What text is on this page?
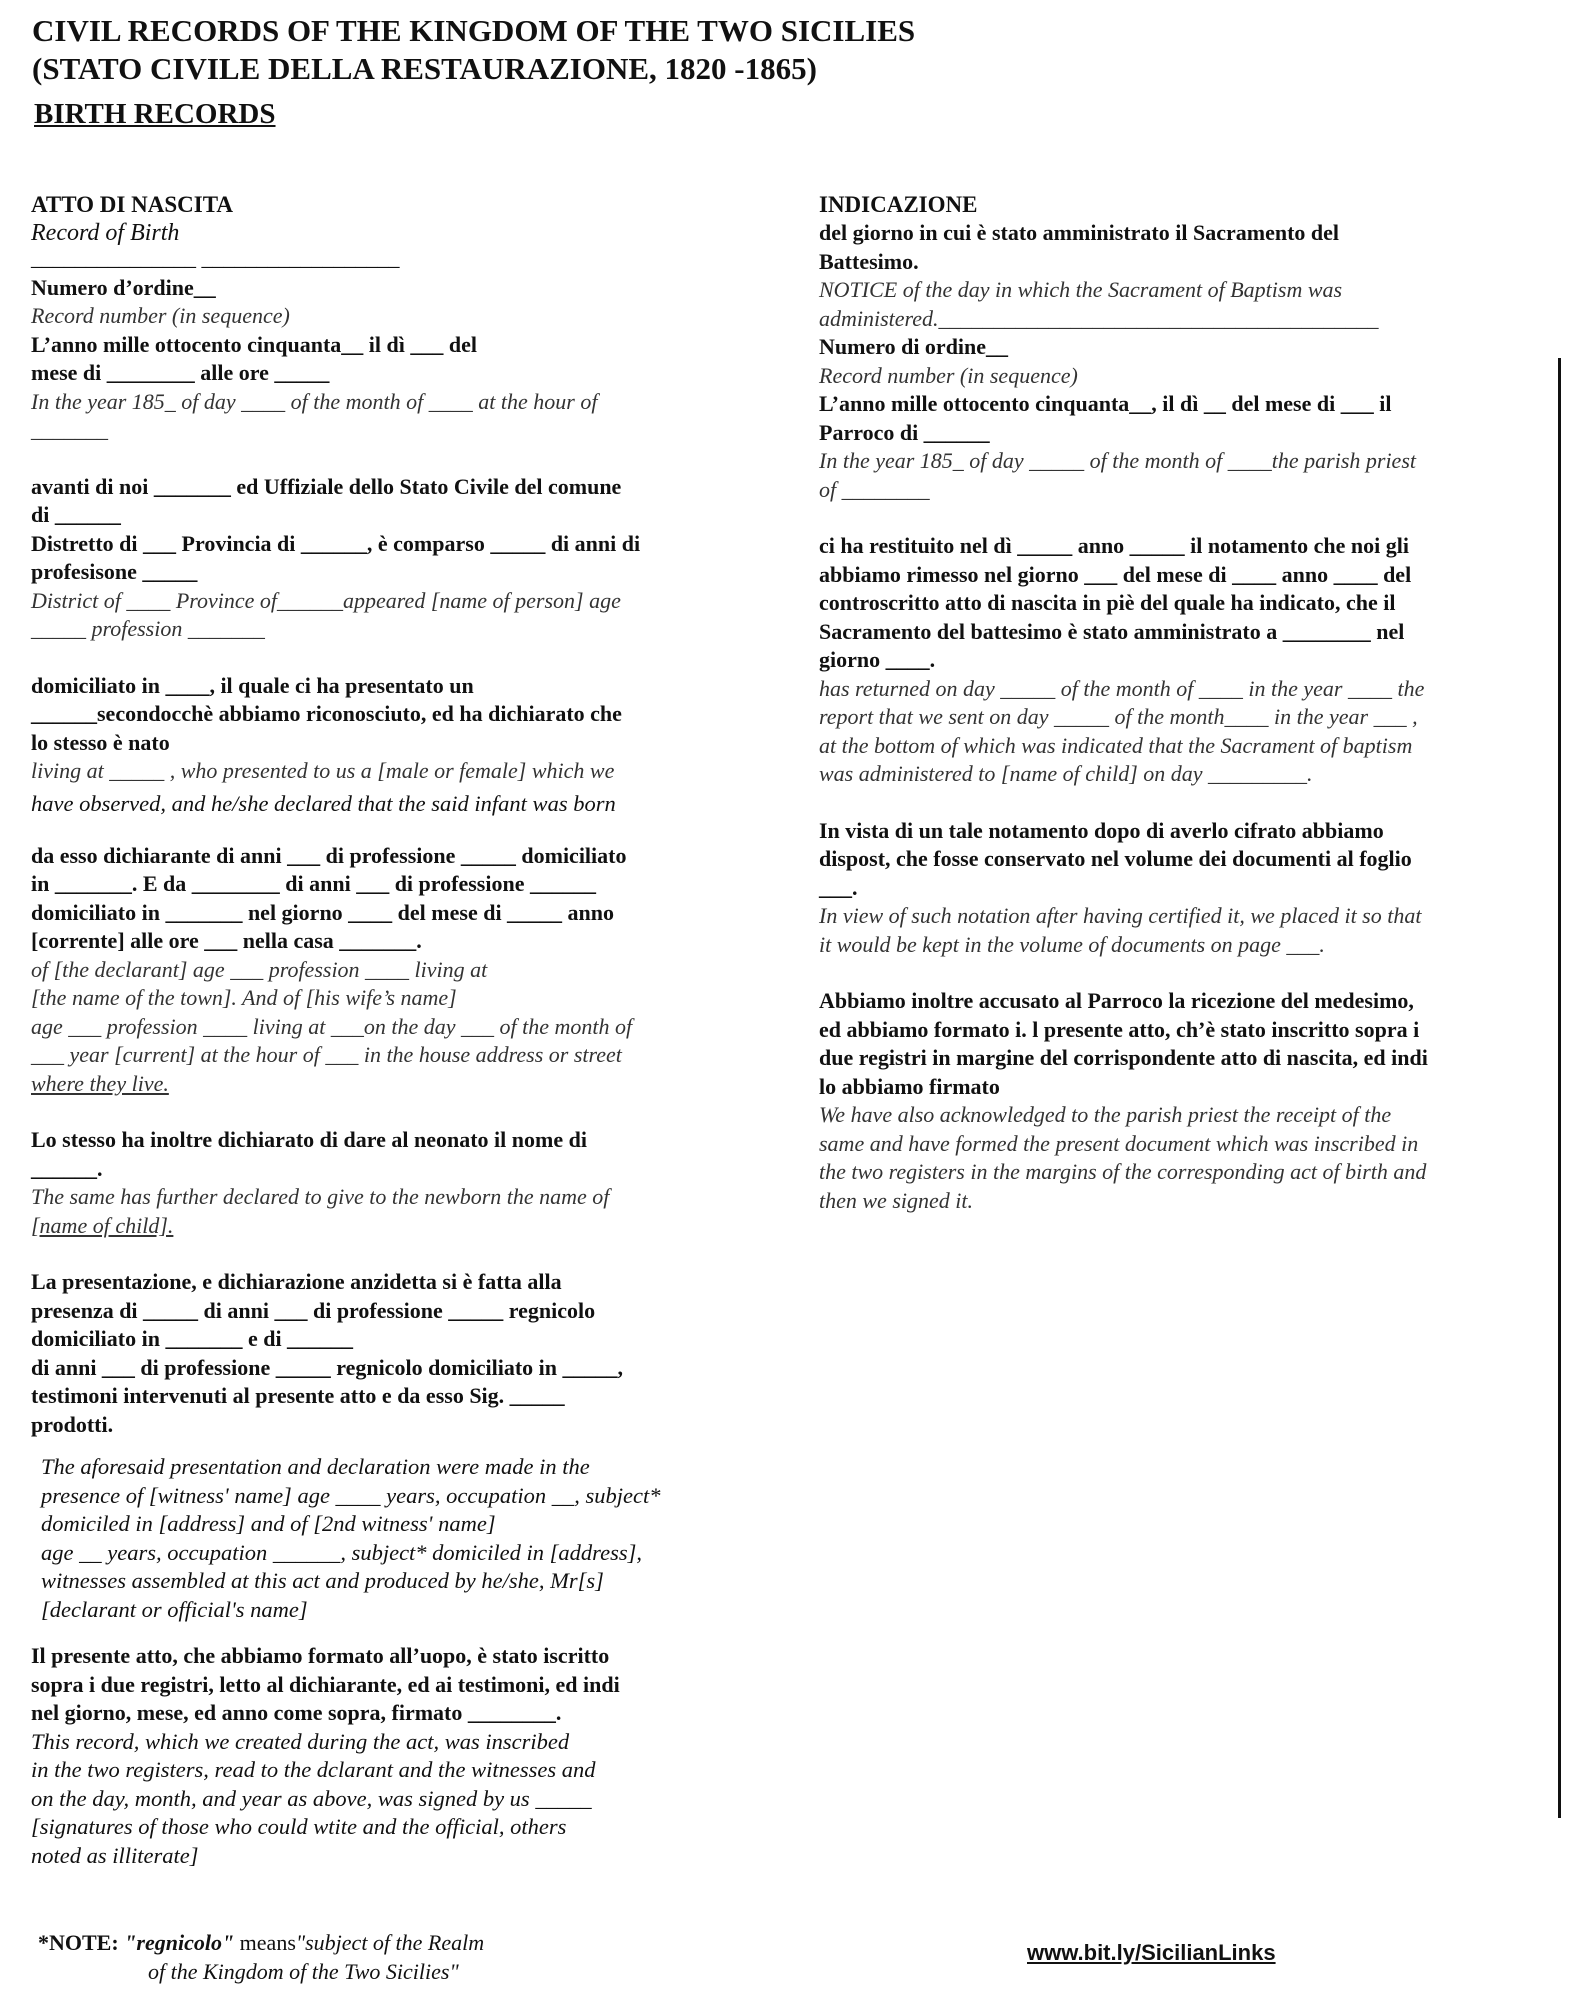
CIVIL RECORDS OF THE KINGDOM OF THE TWO SICILIES
(STATO CIVILE DELLA RESTAURAZIONE, 1820 -1865)
BIRTH RECORDS
ATTO DI NASCITA
Record of Birth
_______________ __________________
Numero d’ordine__
Record number (in sequence)
L’anno mille ottocento cinquanta__ il dì ___ del
mese di ________ alle ore _____
In the year 185_ of day ____ of the month of ____ at the hour of
_______
avanti di noi _______ ed Uffiziale dello Stato Civile del comune
di ______
Distretto di ___ Provincia di ______, è comparso _____ di anni di
profesisone _____
District of ____ Province of______appeared [name of person] age
_____ profession _______
domiciliato in ____, il quale ci ha presentato un
______secondocchè abbiamo riconosciuto, ed ha dichiarato che
lo stesso è nato
living at _____ , who presented to us a [male or female] which we
have observed, and he/she declared that the said infant was born
da esso dichiarante di anni ___ di professione _____ domiciliato
in _______. E da ________ di anni ___ di professione ______
domiciliato in _______ nel giorno ____ del mese di _____ anno
[corrente] alle ore ___ nella casa _______.
of [the declarant] age ___ profession ____ living at
[the name of the town]. And of [his wife’s name]
age ___ profession ____ living at ___on the day ___ of the month of
___ year [current] at the hour of ___ in the house address or street
where they live.
Lo stesso ha inoltre dichiarato di dare al neonato il nome di
______.
The same has further declared to give to the newborn the name of
[name of child].
La presentazione, e dichiarazione anzidetta si è fatta alla
presenza di _____ di anni ___ di professione _____ regnicolo
domiciliato in _______ e di ______
di anni ___ di professione _____ regnicolo domiciliato in _____,
testimoni intervenuti al presente atto e da esso Sig. _____
prodotti.
The aforesaid presentation and declaration were made in the
presence of [witness' name] age ____ years, occupation __, subject*
domiciled in [address] and of [2nd witness' name]
age __ years, occupation ______, subject* domiciled in [address],
witnesses assembled at this act and produced by he/she, Mr[s]
[declarant or official's name]
Il presente atto, che abbiamo formato all’uopo, è stato iscritto
sopra i due registri, letto al dichiarante, ed ai testimoni, ed indi
nel giorno, mese, ed anno come sopra, firmato ________.
This record, which we created during the act, was inscribed
in the two registers, read to the dclarant and the witnesses and
on the day, month, and year as above, was signed by us _____
[signatures of those who could wtite and the official, others
noted as illiterate]
INDICAZIONE
del giorno in cui è stato amministrato il Sacramento del
Battesimo.
NOTICE of the day in which the Sacrament of Baptism was
administered.________________________________________
Numero di ordine__
Record number (in sequence)
L’anno mille ottocento cinquanta__, il dì __ del mese di ___ il
Parroco di ______
In the year 185_ of day _____ of the month of ____the parish priest
of ________
ci ha restituito nel dì _____ anno _____ il notamento che noi gli
abbiamo rimesso nel giorno ___ del mese di ____ anno ____ del
controscritto atto di nascita in piè del quale ha indicato, che il
Sacramento del battesimo è stato amministrato a ________ nel
giorno ____.
has returned on day _____ of the month of ____ in the year ____ the
report that we sent on day _____ of the month____ in the year ___ ,
at the bottom of which was indicated that the Sacrament of baptism
was administered to [name of child] on day _________.
In vista di un tale notamento dopo di averlo cifrato abbiamo
dispost, che fosse conservato nel volume dei documenti al foglio
___.
In view of such notation after having certified it, we placed it so that
it would be kept in the volume of documents on page ___.
Abbiamo inoltre accusato al Parroco la ricezione del medesimo,
ed abbiamo formato i. l presente atto, ch’è stato inscritto sopra i
due registri in margine del corrispondente atto di nascita, ed indi
lo abbiamo firmato
We have also acknowledged to the parish priest the receipt of the
same and have formed the present document which was inscribed in
the two registers in the margins of the corresponding act of birth and
then we signed it.
*NOTE: "regnicolo" means"subject of the Realm
of the Kingdom of the Two Sicilies"
www.bit.ly/SicilianLinks
